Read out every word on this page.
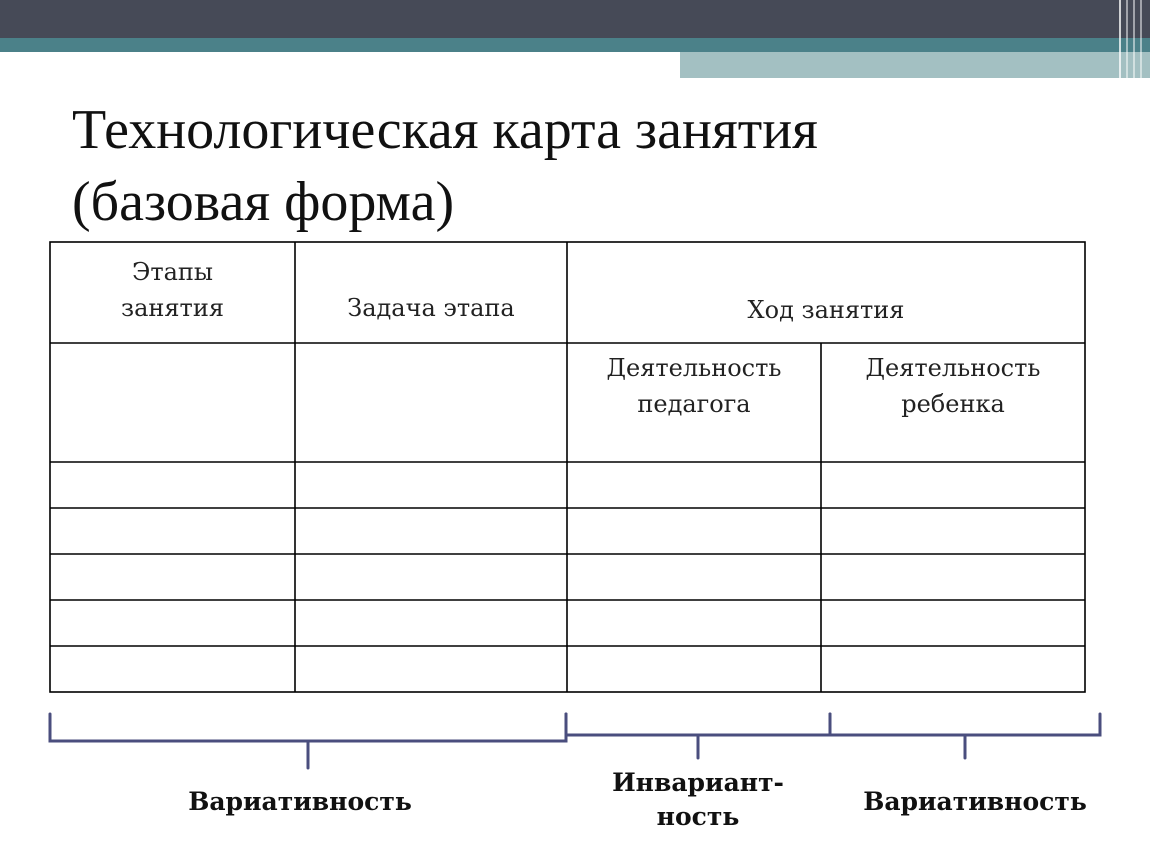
Технологическая карта занятия
(базовая форма)
Этапы занятия	Задача этапа	Ход занятия
Деятельность педагога
Деятельность ребенка
Вариативность
Инвариант-ность
Вариативность
